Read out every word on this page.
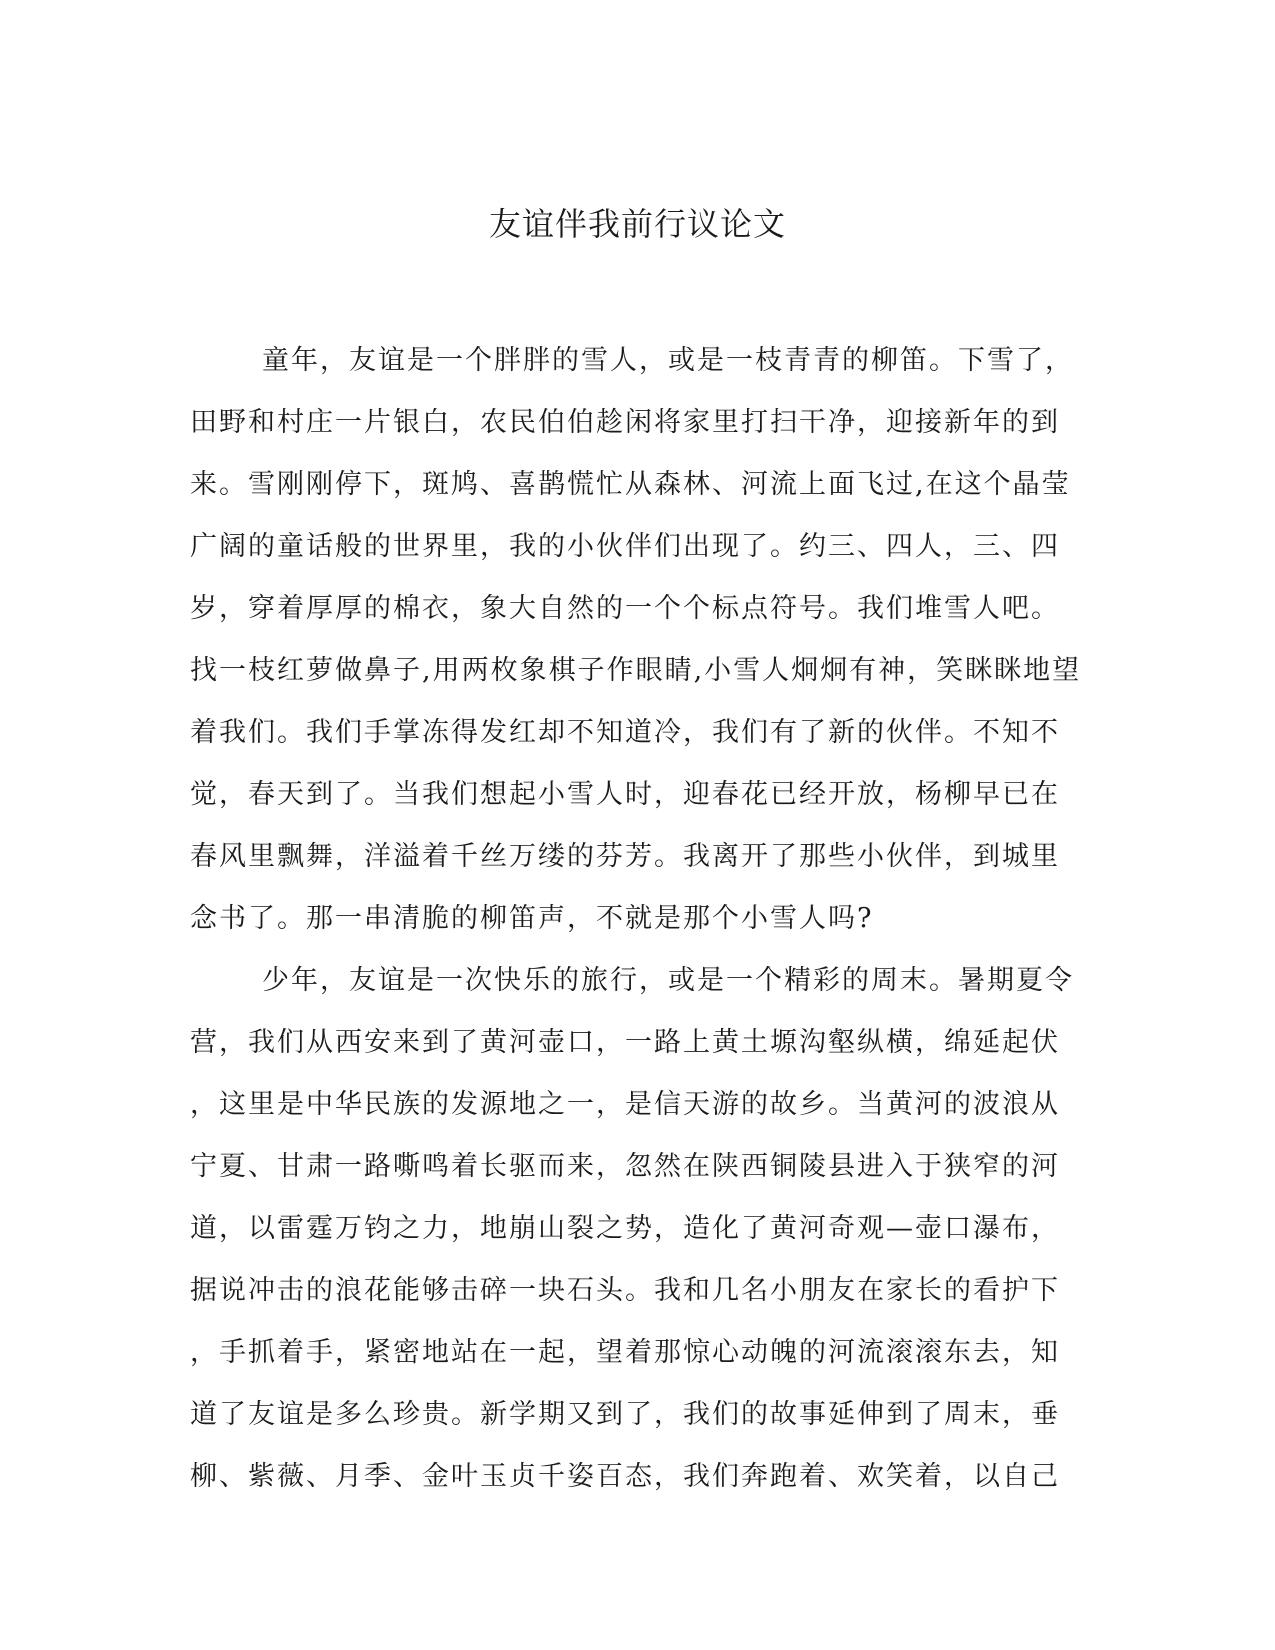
友谊伴我前行议论文

童年，友谊是一个胖胖的雪人，或是一枝青青的柳笛。下雪了，

田野和村庄一片银白，农民伯伯趁闲将家里打扫干净，迎接新年的到

来。雪刚刚停下，斑鸠、喜鹊慌忙从森林、河流上面飞过,在这个晶莹

广阔的童话般的世界里，我的小伙伴们出现了。约三、四人，三、四

岁，穿着厚厚的棉衣，象大自然的一个个标点符号。我们堆雪人吧。

找一枝红萝做鼻子,用两枚象棋子作眼睛,小雪人炯炯有神，笑眯眯地望

着我们。我们手掌冻得发红却不知道冷，我们有了新的伙伴。不知不

觉，春天到了。当我们想起小雪人时，迎春花已经开放，杨柳早已在

春风里飘舞，洋溢着千丝万缕的芬芳。我离开了那些小伙伴，到城里

念书了。那一串清脆的柳笛声，不就是那个小雪人吗?

少年，友谊是一次快乐的旅行，或是一个精彩的周末。暑期夏令

营，我们从西安来到了黄河壶口，一路上黄土塬沟壑纵横，绵延起伏

，这里是中华民族的发源地之一，是信天游的故乡。当黄河的波浪从

宁夏、甘肃一路嘶鸣着长驱而来，忽然在陕西铜陵县进入于狭窄的河

道，以雷霆万钧之力，地崩山裂之势，造化了黄河奇观—壶口瀑布，

据说冲击的浪花能够击碎一块石头。我和几名小朋友在家长的看护下

，手抓着手，紧密地站在一起，望着那惊心动魄的河流滚滚东去，知

道了友谊是多么珍贵。新学期又到了，我们的故事延伸到了周末，垂

柳、紫薇、月季、金叶玉贞千姿百态，我们奔跑着、欢笑着，以自己
